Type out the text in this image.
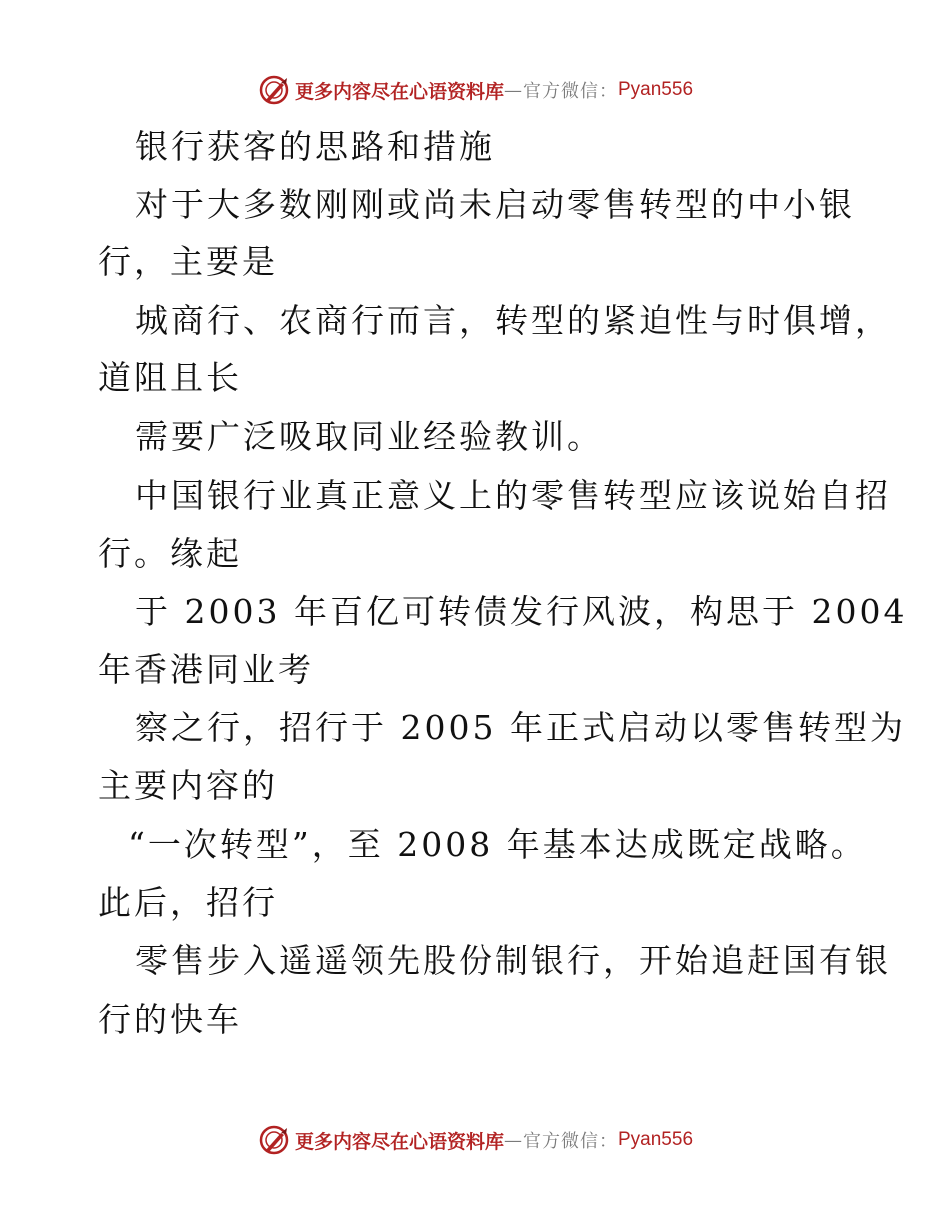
更多内容尽在心语资料库 — 官方微信： Pyan556
银行获客的思路和措施
对于大多数刚刚或尚未启动零售转型的中小银
行，主要是
城商行、农商行而言，转型的紧迫性与时俱增，
道阻且长
需要广泛吸取同业经验教训。
中国银行业真正意义上的零售转型应该说始自招
行。缘起
于 2003 年百亿可转债发行风波，构思于 2004
年香港同业考
察之行，招行于 2005 年正式启动以零售转型为
主要内容的
“一次转型”，至 2008 年基本达成既定战略。
此后，招行
零售步入遥遥领先股份制银行，开始追赶国有银
行的快车
更多内容尽在心语资料库 — 官方微信： Pyan556
